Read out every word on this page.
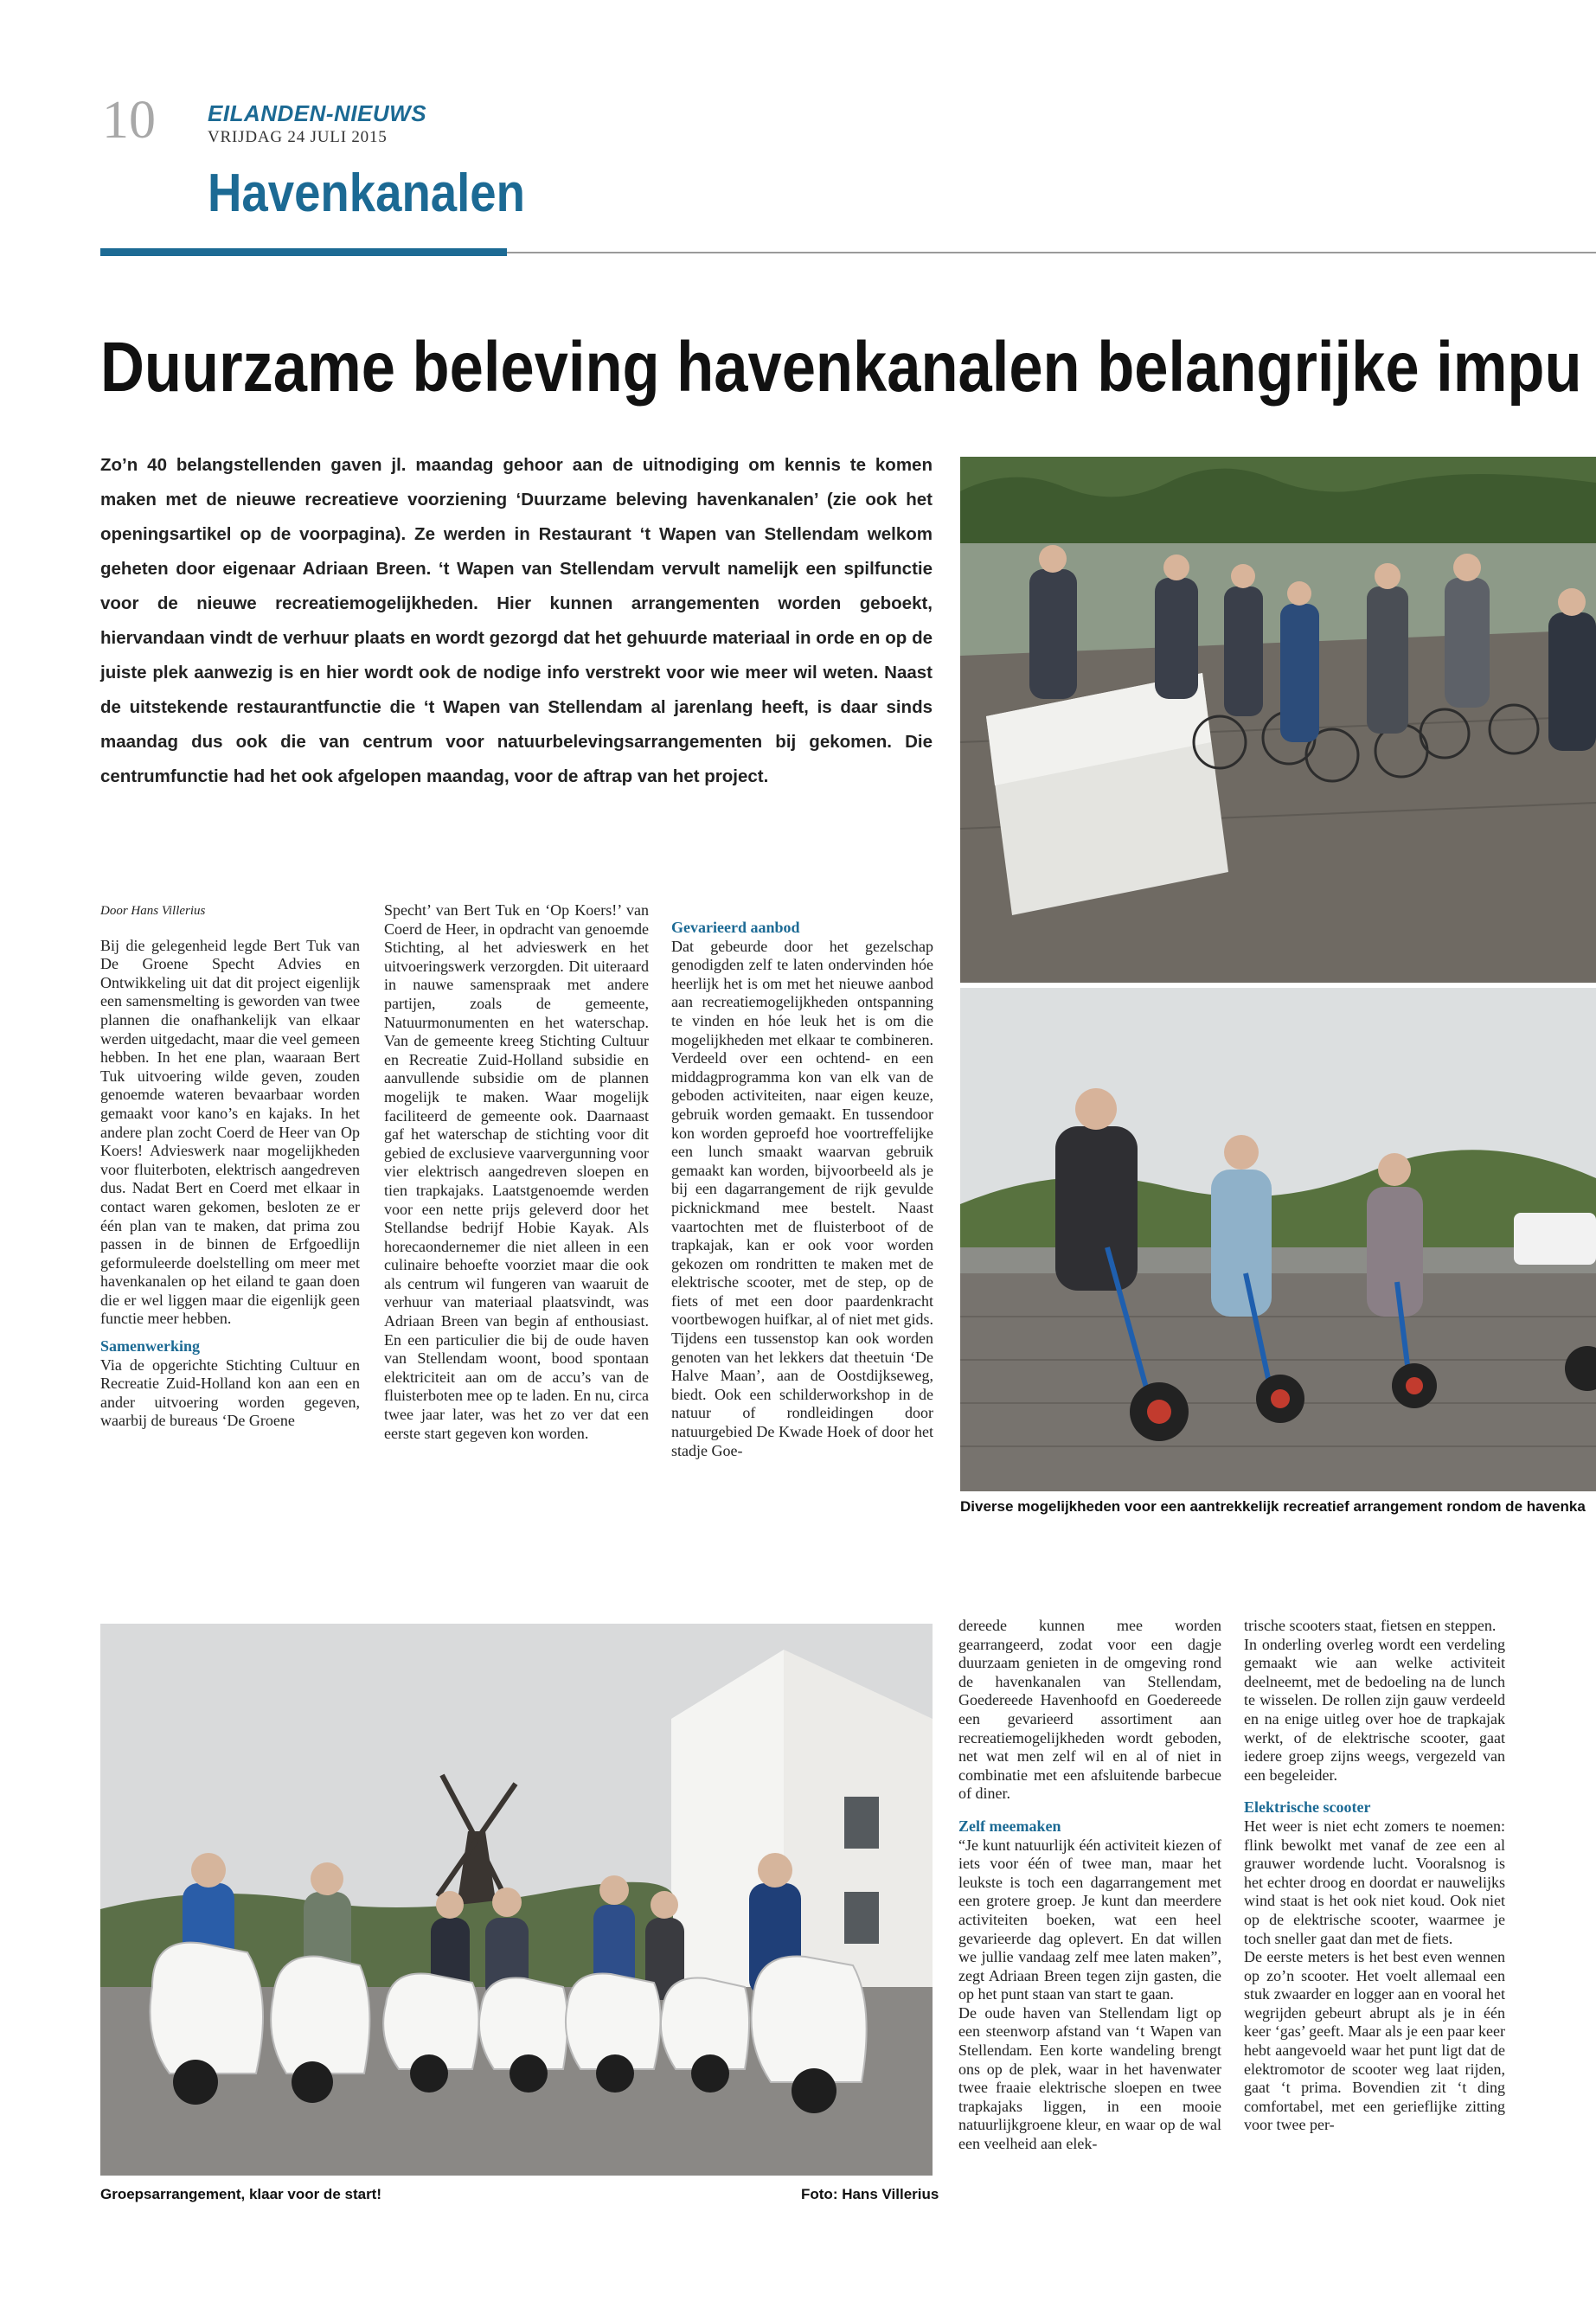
10 EILANDEN-NIEUWS
VRIJDAG 24 JULI 2015
Havenkanalen
Duurzame beleving havenkanalen belangrijke impu
Zo’n 40 belangstellenden gaven jl. maandag gehoor aan de uitnodiging om kennis te komen maken met de nieuwe recreatieve voorziening ‘Duurzame beleving havenkanalen’ (zie ook het openingsartikel op de voorpagina). Ze werden in Restaurant ‘t Wapen van Stellendam welkom geheten door eigenaar Adriaan Breen. ‘t Wapen van Stellendam vervult namelijk een spilfunctie voor de nieuwe recreatiemogelijkheden. Hier kunnen arrangementen worden geboekt, hiervandaan vindt de verhuur plaats en wordt gezorgd dat het gehuurde materiaal in orde en op de juiste plek aanwezig is en hier wordt ook de nodige info verstrekt voor wie meer wil weten. Naast de uitstekende restaurantfunctie die ‘t Wapen van Stellendam al jarenlang heeft, is daar sinds maandag dus ook die van centrum voor natuurbelevingsarrangementen bij gekomen. Die centrumfunctie had het ook afgelopen maandag, voor de aftrap van het project.

Door Hans Villerius

Bij die gelegenheid legde Bert Tuk van De Groene Specht Advies en Ontwikkeling uit dat dit project eigenlijk een samensmelting is geworden van twee plannen die onafhankelijk van elkaar werden uitgedacht, maar die veel gemeen hebben. In het ene plan, waaraan Bert Tuk uitvoering wilde geven, zouden genoemde wateren bevaarbaar worden gemaakt voor kano’s en kajaks. In het andere plan zocht Coerd de Heer van Op Koers! Advieswerk naar mogelijkheden voor fluiterboten, elektrisch aangedreven dus. Nadat Bert en Coerd met elkaar in contact waren gekomen, besloten ze er één plan van te maken, dat prima zou passen in de binnen de Erfgoedlijn geformuleerde doelstelling om meer met havenkanalen op het eiland te gaan doen die er wel liggen maar die eigenlijk geen functie meer hebben.

Samenwerking

Via de opgerichte Stichting Cultuur en Recreatie Zuid-Holland kon aan een en ander uitvoering worden gegeven, waarbij de bureaus ‘De Groene

Specht’ van Bert Tuk en ‘Op Koers!’ van Coerd de Heer, in opdracht van genoemde Stichting, al het advieswerk en het uitvoeringswerk verzorgden. Dit uiteraard in nauwe samenspraak met andere partijen, zoals de gemeente, Natuurmonumenten en het waterschap. Van de gemeente kreeg Stichting Cultuur en Recreatie Zuid-Holland subsidie en aanvullende subsidie om de plannen mogelijk te maken. Waar mogelijk faciliteerd de gemeente ook. Daarnaast gaf het waterschap de stichting voor dit gebied de exclusieve vaarvergunning voor vier elektrisch aangedreven sloepen en tien trapkajaks. Laatstgenoemde werden voor een nette prijs geleverd door het Stellandse bedrijf Hobie Kayak. Als horecaondernemer die niet alleen in een culinaire behoefte voorziet maar die ook als centrum wil fungeren van waaruit de verhuur van materiaal plaatsvindt, was Adriaan Breen van begin af enthousiast. En een particulier die bij de oude haven van Stellendam woont, bood spontaan elektriciteit aan om de accu’s van de fluisterboten mee op te laden. En nu, circa twee jaar later, was het zo ver dat een eerste start gegeven kon worden.

Gevarieerd aanbod

Dat gebeurde door het gezelschap genodigden zelf te laten ondervinden hóe heerlijk het is om met het nieuwe aanbod aan recreatiemogelijkheden ontspanning te vinden en hóe leuk het is om die mogelijkheden met elkaar te combineren. Verdeeld over een ochtend- en een middagprogramma kon van elk van de geboden activiteiten, naar eigen keuze, gebruik worden gemaakt. En tussendoor kon worden geproefd hoe voortreffelijke een lunch smaakt waarvan gebruik gemaakt kan worden, bijvoorbeeld als je bij een dagarrangement de rijk gevulde picknickmand mee bestelt. Naast vaartochten met de fluisterboot of de trapkajak, kan er ook voor worden gekozen om rondritten te maken met de elektrische scooter, met de step, op de fiets of met een door paardenkracht voortbewogen huifkar, al of niet met gids. Tijdens een tussenstop kan ook worden genoten van het lekkers dat theetuin ‘De Halve Maan’, aan de Oostdijkseweg, biedt. Ook een schilderworkshop in de natuur of rondleidingen door natuurgebied De Kwade Hoek of door het stadje Goe-

dereede kunnen mee worden gearrangeerd, zodat voor een dagje duurzaam genieten in de omgeving rond de havenkanalen van Stellendam, Goedereede Havenhoofd en Goedereede een gevarieerd assortiment aan recreatiemogelijkheden wordt geboden, net wat men zelf wil en al of niet in combinatie met een afsluitende barbecue of diner.

Zelf meemaken

“Je kunt natuurlijk één activiteit kiezen of iets voor één of twee man, maar het leukste is toch een dagarrangement met een grotere groep. Je kunt dan meerdere activiteiten boeken, wat een heel gevarieerde dag oplevert. En dat willen we jullie vandaag zelf mee laten maken”, zegt Adriaan Breen tegen zijn gasten, die op het punt staan van start te gaan.

De oude haven van Stellendam ligt op een steenworp afstand van ‘t Wapen van Stellendam. Een korte wandeling brengt ons op de plek, waar in het havenwater twee fraaie elektrische sloepen en twee trapkajaks liggen, in een mooie natuurlijkgroene kleur, en waar op de wal een veelheid aan elek-

trische scooters staat, fietsen en steppen.

In onderling overleg wordt een verdeling gemaakt wie aan welke activiteit deelneemt, met de bedoeling na de lunch te wisselen. De rollen zijn gauw verdeeld en na enige uitleg over hoe de trapkajak werkt, of de elektrische scooter, gaat iedere groep zijns weegs, vergezeld van een begeleider.

Elektrische scooter

Het weer is niet echt zomers te noemen: flink bewolkt met vanaf de zee een al grauwer wordende lucht. Vooralsnog is het echter droog en doordat er nauwelijks wind staat is het ook niet koud. Ook niet op de elektrische scooter, waarmee je toch sneller gaat dan met de fiets.

De eerste meters is het best even wennen op zo’n scooter. Het voelt allemaal een stuk zwaarder en logger aan en vooral het wegrijden gebeurt abrupt als je in één keer ‘gas’ geeft. Maar als je een paar keer hebt aangevoeld waar het punt ligt dat de elektromotor de scooter weg laat rijden, gaat ‘t prima. Bovendien zit ‘t ding comfortabel, met een gerieflijke zitting voor twee per-

Diverse mogelijkheden voor een aantrekkelijk recreatief arrangement rondom de havenka
Groepsarrangement, klaar voor de start!	Foto: Hans Villerius
